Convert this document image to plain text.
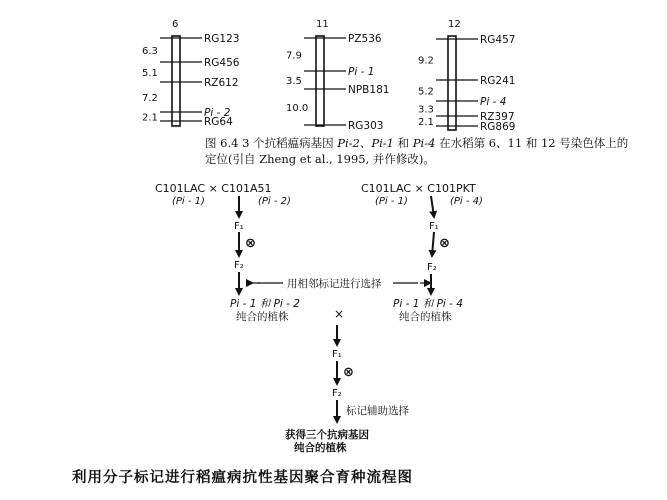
6
RG123
RG456
RZ612
Pi - 2
RG64
6.3
5.1
7.2
2.1
11
PZ536
Pi - 1
NPB181
RG303
7.9
3.5
10.0
12
RG457
RG241
Pi - 4
RZ397
RG869
9.2
5.2
3.3
2.1
C101LAC × C101A51
(Pi - 1)	(Pi - 2)
C101LAC × C101PKT
(Pi - 1)	(Pi - 4)
F₁
⊗
F₂
F₁
⊗
F₂
用相邻标记进行选择
Pi - 1 和 Pi - 2
纯合的植株
Pi - 1 和 Pi - 4
纯合的植株
×
F₁
⊗
F₂
标记辅助选择
获得三个抗病基因
纯合的植株
图 6.4 3 个抗稻瘟病基因 Pi-2、Pi-1 和 Pi-4 在水稻第 6、11 和 12 号染色体上的定位(引自 Zheng et al., 1995, 并作修改)。
利用分子标记进行稻瘟病抗性基因聚合育种流程图
